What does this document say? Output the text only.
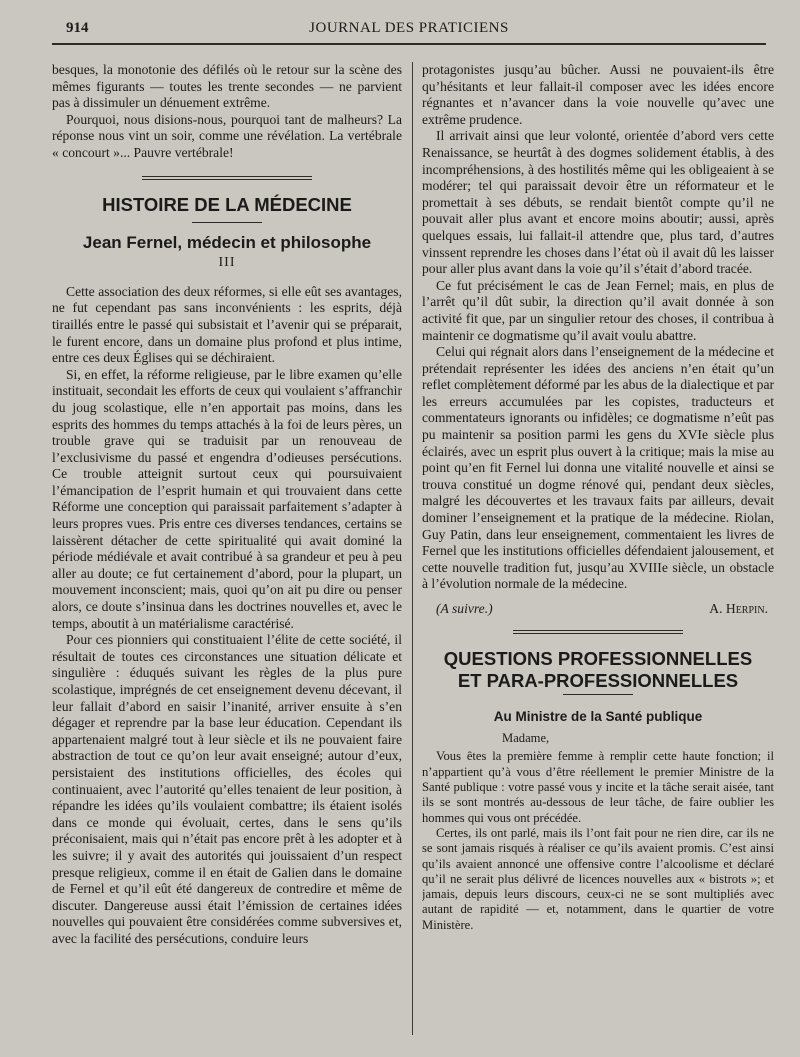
914	JOURNAL DES PRATICIENS

besques, la monotonie des défilés où le retour sur la scène des mêmes figurants — toutes les trente secondes — ne parvient pas à dissimuler un dénuement extrême.

Pourquoi, nous disions-nous, pourquoi tant de malheurs? La réponse nous vint un soir, comme une révélation. La vertébrale « concourt »... Pauvre vertébrale!

HISTOIRE DE LA MÉDECINE
Jean Fernel, médecin et philosophe
III

Cette association des deux réformes, si elle eût ses avantages, ne fut cependant pas sans inconvénients : les esprits, déjà tiraillés entre le passé qui subsistait et l’avenir qui se préparait, le furent encore, dans un domaine plus profond et plus intime, entre ces deux Églises qui se déchiraient.

Si, en effet, la réforme religieuse, par le libre examen qu’elle instituait, secondait les efforts de ceux qui voulaient s’affranchir du joug scolastique, elle n’en apportait pas moins, dans les esprits des hommes du temps attachés à la foi de leurs pères, un trouble grave qui se traduisit par un renouveau de l’exclusivisme du passé et engendra d’odieuses persécutions. Ce trouble atteignit surtout ceux qui poursuivaient l’émancipation de l’esprit humain et qui trouvaient dans cette Réforme une conception qui paraissait parfaitement s’adapter à leurs propres vues. Pris entre ces diverses tendances, certains se laissèrent détacher de cette spiritualité qui avait dominé la période médiévale et avait contribué à sa grandeur et peu à peu aller au doute; ce fut certainement d’abord, pour la plupart, un mouvement inconscient; mais, quoi qu’on ait pu dire ou penser alors, ce doute s’insinua dans les doctrines nouvelles et, avec le temps, aboutit à un matérialisme caractérisé.

Pour ces pionniers qui constituaient l’élite de cette société, il résultait de toutes ces circonstances une situation délicate et singulière : éduqués suivant les règles de la plus pure scolastique, imprégnés de cet enseignement devenu décevant, il leur fallait d’abord en saisir l’inanité, arriver ensuite à s’en dégager et reprendre par la base leur éducation. Cependant ils appartenaient malgré tout à leur siècle et ils ne pouvaient faire abstraction de tout ce qu’on leur avait enseigné; autour d’eux, persistaient des institutions officielles, des écoles qui continuaient, avec l’autorité qu’elles tenaient de leur position, à répandre les idées qu’ils voulaient combattre; ils étaient isolés dans ce monde qui évoluait, certes, dans le sens qu’ils préconisaient, mais qui n’était pas encore prêt à les adopter et à les suivre; il y avait des autorités qui jouissaient d’un respect presque religieux, comme il en était de Galien dans le domaine de Fernel et qu’il eût été dangereux de contredire et même de discuter. Dangereuse aussi était l’émission de certaines idées nouvelles qui pouvaient être considérées comme subversives et, avec la facilité des persécutions, conduire leurs

protagonistes jusqu’au bûcher. Aussi ne pouvaient-ils être qu’hésitants et leur fallait-il composer avec les idées encore régnantes et n’avancer dans la voie nouvelle qu’avec une extrême prudence.

Il arrivait ainsi que leur volonté, orientée d’abord vers cette Renaissance, se heurtât à des dogmes solidement établis, à des incompréhensions, à des hostilités même qui les obligeaient à se modérer; tel qui paraissait devoir être un réformateur et le promettait à ses débuts, se rendait bientôt compte qu’il ne pouvait aller plus avant et encore moins aboutir; aussi, après quelques essais, lui fallait-il attendre que, plus tard, d’autres vinssent reprendre les choses dans l’état où il avait dû les laisser pour aller plus avant dans la voie qu’il s’était d’abord tracée.

Ce fut précisément le cas de Jean Fernel; mais, en plus de l’arrêt qu’il dût subir, la direction qu’il avait donnée à son activité fit que, par un singulier retour des choses, il contribua à maintenir ce dogmatisme qu’il avait voulu abattre.

Celui qui régnait alors dans l’enseignement de la médecine et prétendait représenter les idées des anciens n’en était qu’un reflet complètement déformé par les abus de la dialectique et par les erreurs accumulées par les copistes, traducteurs et commentateurs ignorants ou infidèles; ce dogmatisme n’eût pas pu maintenir sa position parmi les gens du XVIe siècle plus éclairés, avec un esprit plus ouvert à la critique; mais la mise au point qu’en fit Fernel lui donna une vitalité nouvelle et ainsi se trouva constitué un dogme rénové qui, pendant deux siècles, malgré les découvertes et les travaux faits par ailleurs, devait dominer l’enseignement et la pratique de la médecine. Riolan, Guy Patin, dans leur enseignement, commentaient les livres de Fernel que les institutions officielles défendaient jalousement, et cette nouvelle tradition fut, jusqu’au XVIIIe siècle, un obstacle à l’évolution normale de la médecine.

(A suivre.)	A. Herpin.
QUESTIONS PROFESSIONNELLES
ET PARA-PROFESSIONNELLES
Au Ministre de la Santé publique

Madame,

Vous êtes la première femme à remplir cette haute fonction; il n’appartient qu’à vous d’être réellement le premier Ministre de la Santé publique : votre passé vous y incite et la tâche serait aisée, tant ils se sont montrés au-dessous de leur tâche, de faire oublier les hommes qui vous ont précédée.

Certes, ils ont parlé, mais ils l’ont fait pour ne rien dire, car ils ne se sont jamais risqués à réaliser ce qu’ils avaient promis. C’est ainsi qu’ils avaient annoncé une offensive contre l’alcoolisme et déclaré qu’il ne serait plus délivré de licences nouvelles aux « bistrots »; et jamais, depuis leurs discours, ceux-ci ne se sont multipliés avec autant de rapidité — et, notamment, dans le quartier de votre Ministère.
